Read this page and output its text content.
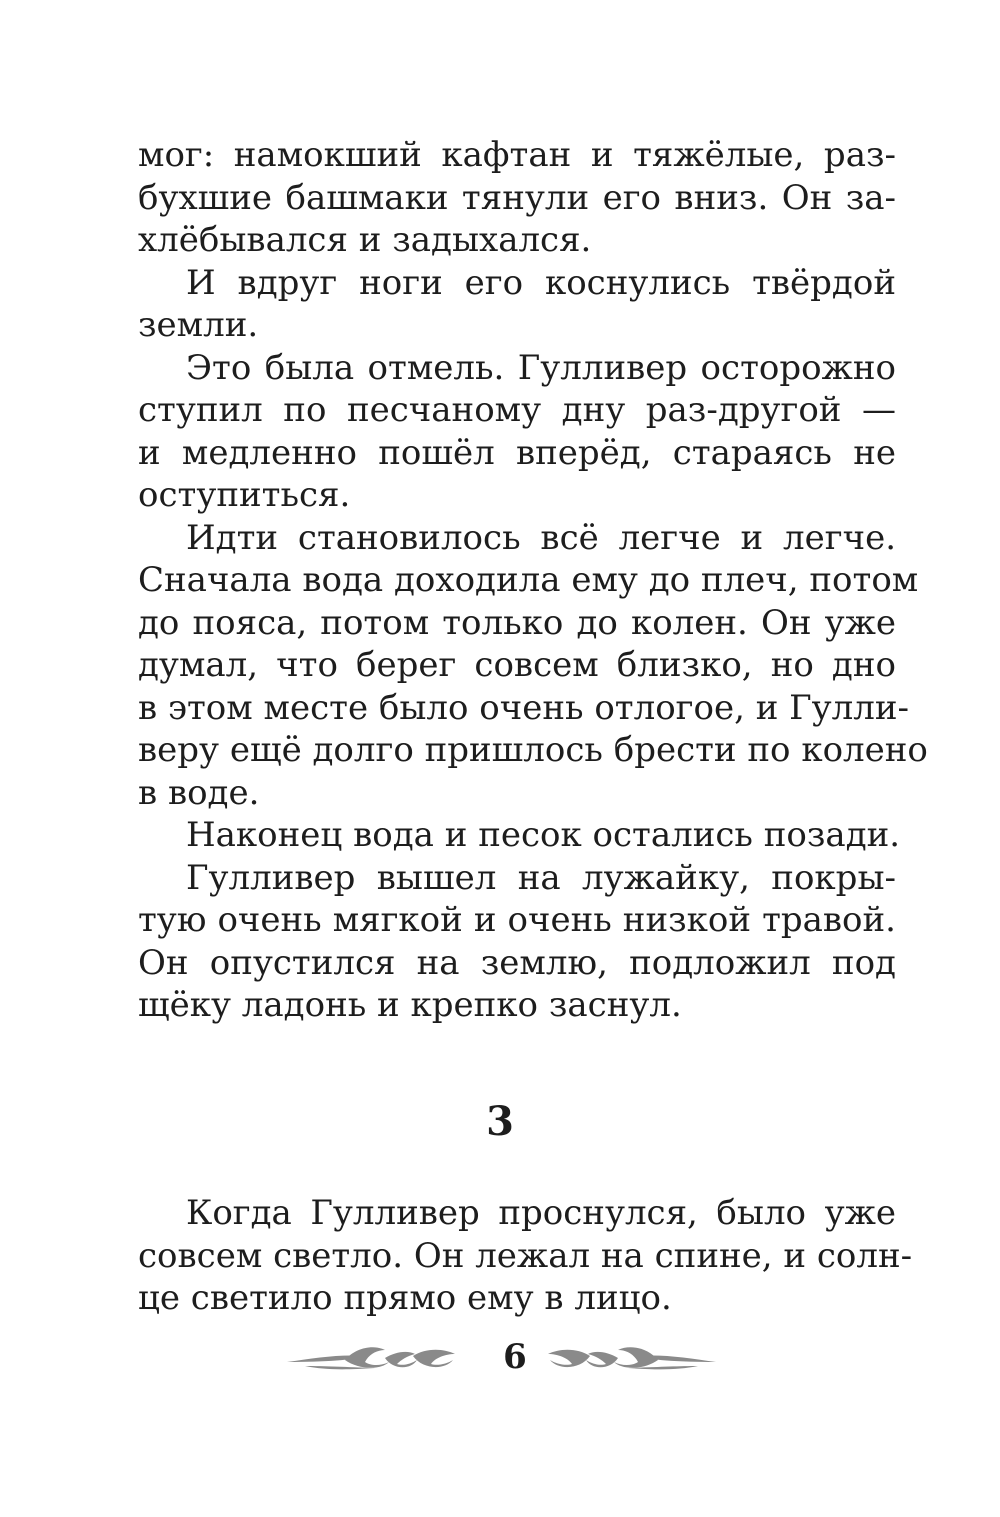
мог: намокший кафтан и тяжёлые, раз-
бухшие башмаки тянули его вниз. Он за-
хлёбывался и задыхался.
И вдруг ноги его коснулись твёрдой
земли.
Это была отмель. Гулливер осторожно
ступил по песчаному дну раз-другой —
и медленно пошёл вперёд, стараясь не
оступиться.
Идти становилось всё легче и легче.
Сначала вода доходила ему до плеч, потом
до пояса, потом только до колен. Он уже
думал, что берег совсем близко, но дно
в этом месте было очень отлогое, и Гулли-
веру ещё долго пришлось брести по колено
в воде.
Наконец вода и песок остались позади.
Гулливер вышел на лужайку, покры-
тую очень мягкой и очень низкой травой.
Он опустился на землю, подложил под
щёку ладонь и крепко заснул.
3
Когда Гулливер проснулся, было уже
совсем светло. Он лежал на спине, и солн-
це светило прямо ему в лицо.
6
